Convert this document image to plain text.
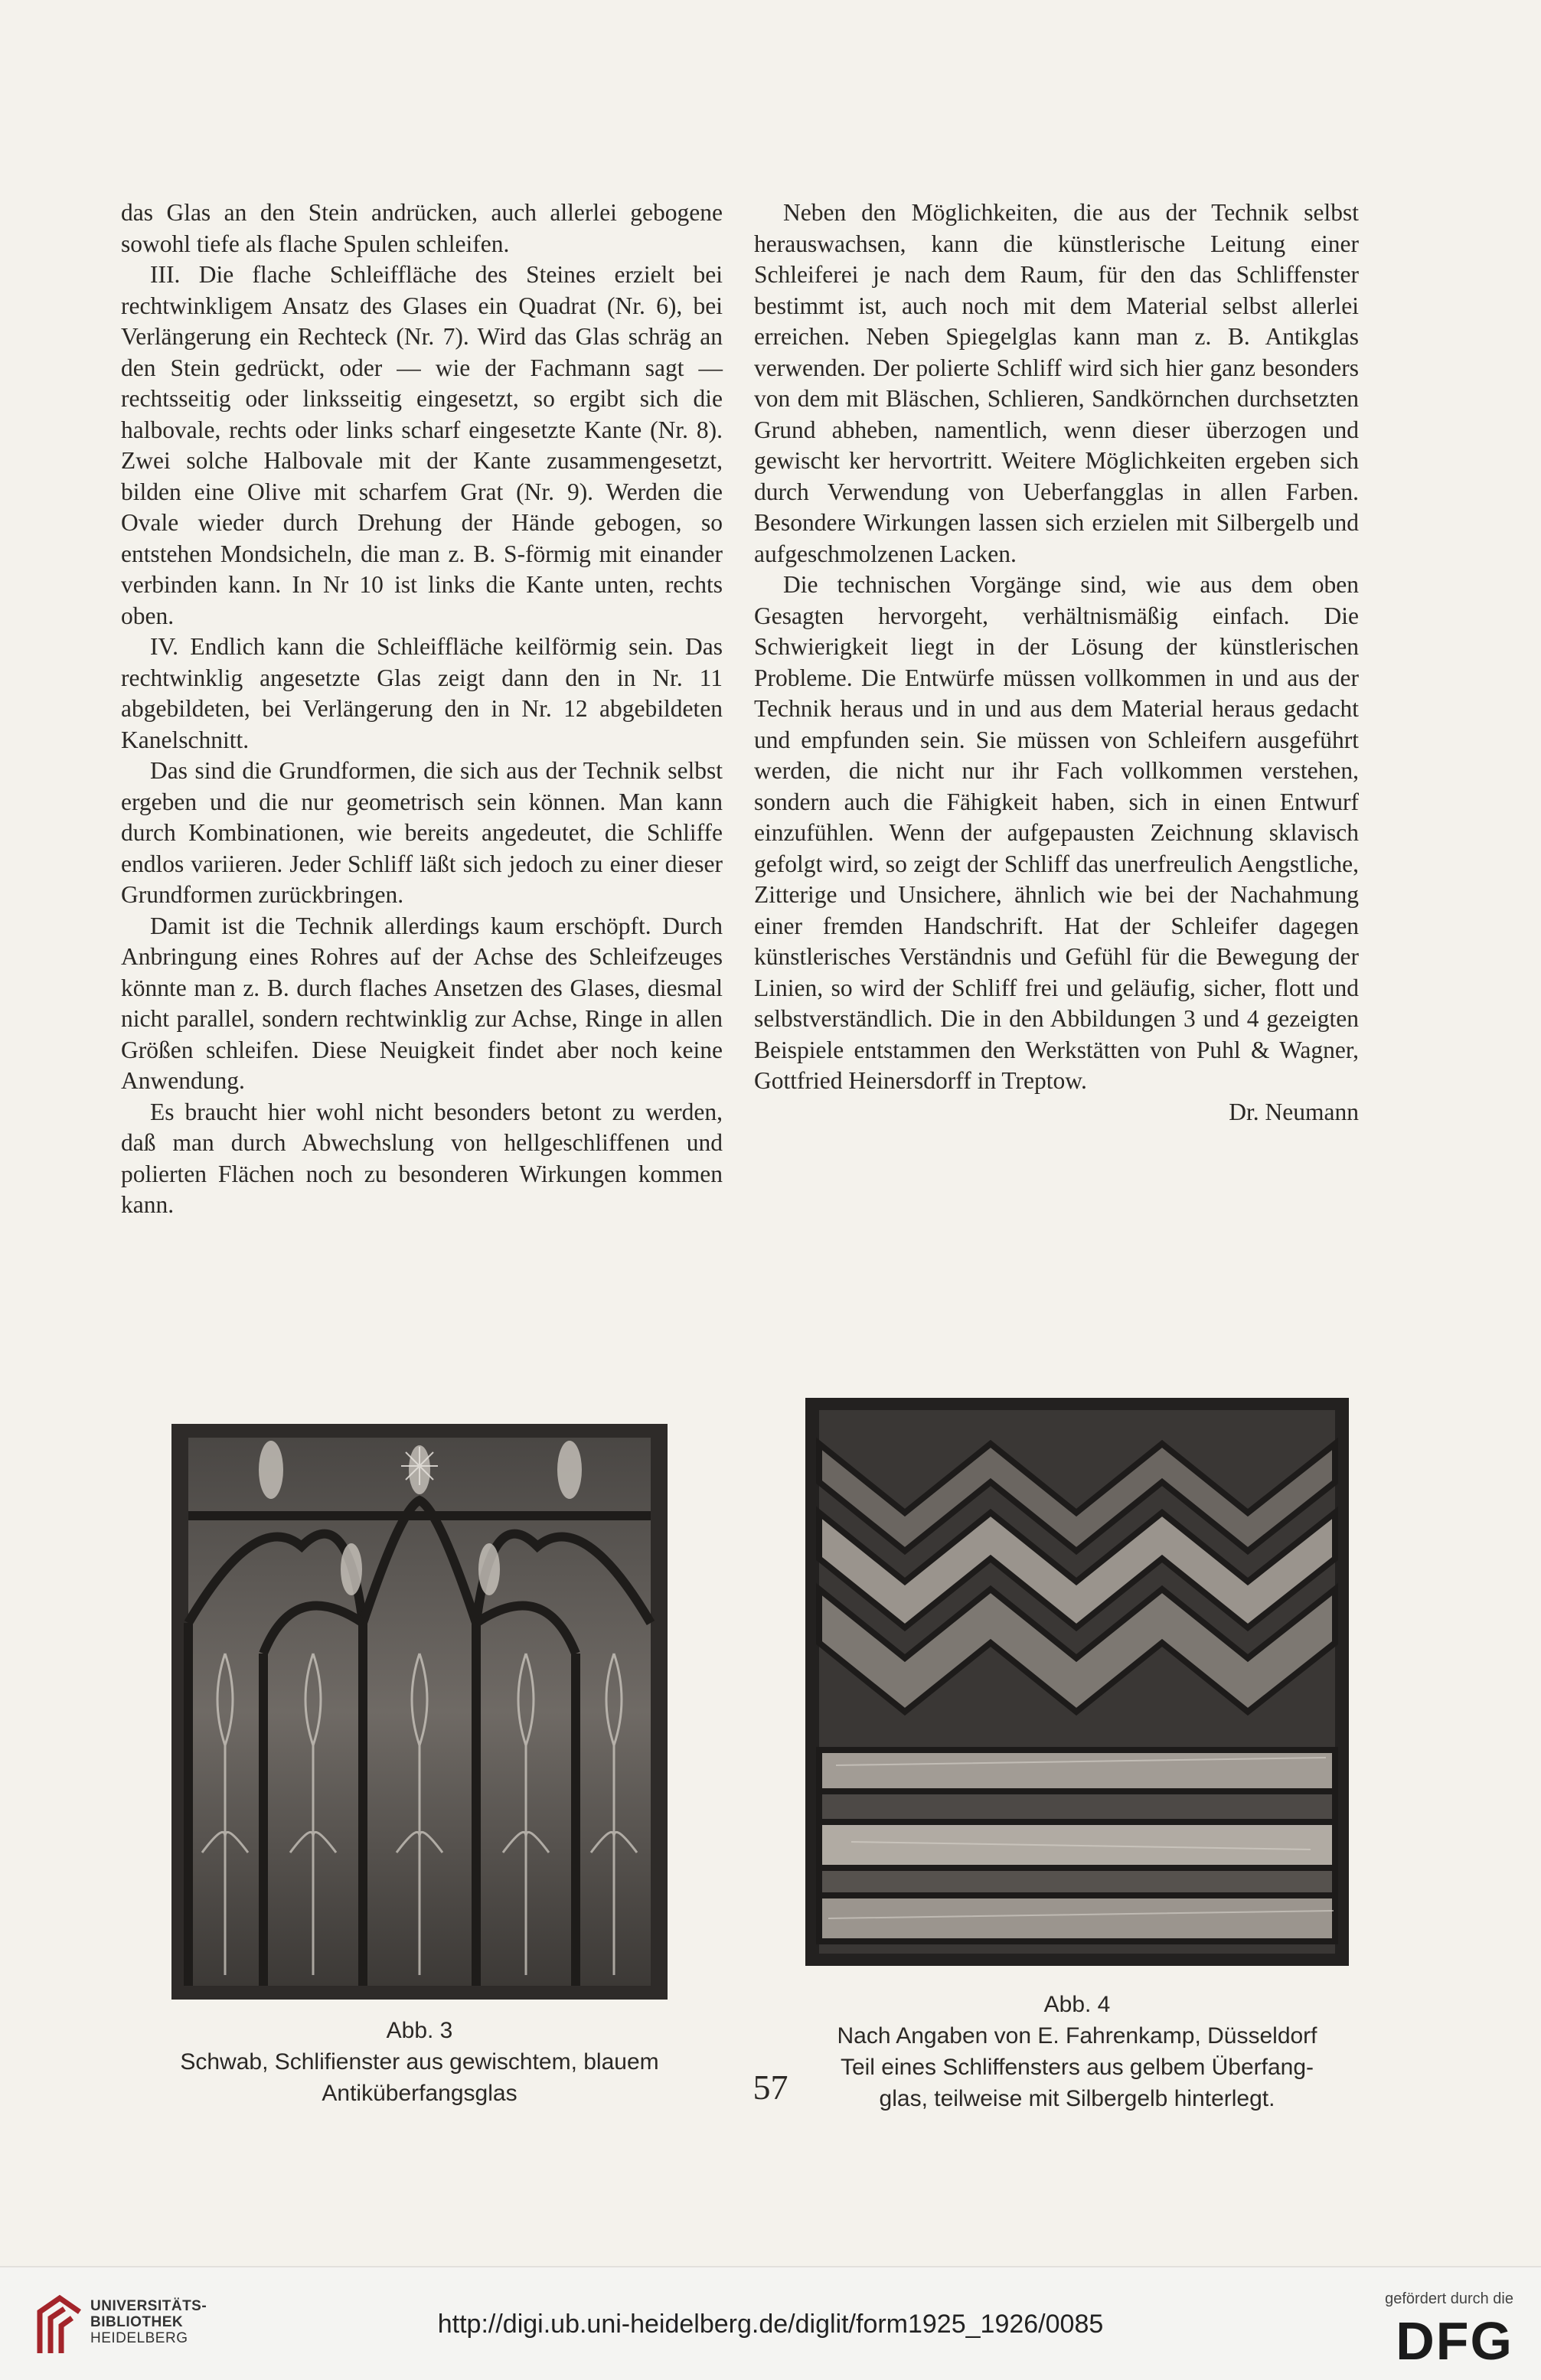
das Glas an den Stein andrücken, auch allerlei gebogene sowohl tiefe als flache Spulen schleifen.

III. Die flache Schleiffläche des Steines erzielt bei rechtwinkligem Ansatz des Glases ein Quadrat (Nr. 6), bei Verlängerung ein Rechteck (Nr. 7). Wird das Glas schräg an den Stein gedrückt, oder — wie der Fachmann sagt — rechtsseitig oder linksseitig eingesetzt, so ergibt sich die halbovale, rechts oder links scharf eingesetzte Kante (Nr. 8). Zwei solche Halbovale mit der Kante zusammengesetzt, bilden eine Olive mit scharfem Grat (Nr. 9). Werden die Ovale wieder durch Drehung der Hände gebogen, so entstehen Mondsicheln, die man z. B. S-förmig mit einander verbinden kann. In Nr 10 ist links die Kante unten, rechts oben.

IV. Endlich kann die Schleiffläche keilförmig sein. Das rechtwinklig angesetzte Glas zeigt dann den in Nr. 11 abgebildeten, bei Verlängerung den in Nr. 12 abgebildeten Kanelschnitt.

Das sind die Grundformen, die sich aus der Technik selbst ergeben und die nur geometrisch sein können. Man kann durch Kombinationen, wie bereits angedeutet, die Schliffe endlos variieren. Jeder Schliff läßt sich jedoch zu einer dieser Grundformen zurückbringen.

Damit ist die Technik allerdings kaum erschöpft. Durch Anbringung eines Rohres auf der Achse des Schleifzeuges könnte man z. B. durch flaches Ansetzen des Glases, diesmal nicht parallel, sondern rechtwinklig zur Achse, Ringe in allen Größen schleifen. Diese Neuigkeit findet aber noch keine Anwendung.

Es braucht hier wohl nicht besonders betont zu werden, daß man durch Abwechslung von hellgeschliffenen und polierten Flächen noch zu besonderen Wirkungen kommen kann.

Neben den Möglichkeiten, die aus der Technik selbst herauswachsen, kann die künstlerische Leitung einer Schleiferei je nach dem Raum, für den das Schliffenster bestimmt ist, auch noch mit dem Material selbst allerlei erreichen. Neben Spiegelglas kann man z. B. Antikglas verwenden. Der polierte Schliff wird sich hier ganz besonders von dem mit Bläschen, Schlieren, Sandkörnchen durchsetzten Grund abheben, namentlich, wenn dieser überzogen und gewischt ker hervortritt. Weitere Möglichkeiten ergeben sich durch Verwendung von Ueberfangglas in allen Farben. Besondere Wirkungen lassen sich erzielen mit Silbergelb und aufgeschmolzenen Lacken.

Die technischen Vorgänge sind, wie aus dem oben Gesagten hervorgeht, verhältnismäßig einfach. Die Schwierigkeit liegt in der Lösung der künstlerischen Probleme. Die Entwürfe müssen vollkommen in und aus der Technik heraus und in und aus dem Material heraus gedacht und empfunden sein. Sie müssen von Schleifern ausgeführt werden, die nicht nur ihr Fach vollkommen verstehen, sondern auch die Fähigkeit haben, sich in einen Entwurf einzufühlen. Wenn der aufgepausten Zeichnung sklavisch gefolgt wird, so zeigt der Schliff das unerfreulich Aengstliche, Zitterige und Unsichere, ähnlich wie bei der Nachahmung einer fremden Handschrift. Hat der Schleifer dagegen künstlerisches Verständnis und Gefühl für die Bewegung der Linien, so wird der Schliff frei und geläufig, sicher, flott und selbstverständlich. Die in den Abbildungen 3 und 4 gezeigten Beispiele entstammen den Werkstätten von Puhl & Wagner, Gottfried Heinersdorff in Treptow.

Dr. Neumann

Abb. 3
Schwab, Schlifienster aus gewischtem, blauem
Antiküberfangsglas
Abb. 4
Nach Angaben von E. Fahrenkamp, Düsseldorf
Teil eines Schliffensters aus gelbem Überfang-
glas, teilweise mit Silbergelb hinterlegt.
57
UNIVERSITÄTS-
BIBLIOTHEK
HEIDELBERG	http://digi.ub.uni-heidelberg.de/diglit/form1925_1926/0085
gefördert durch die
DFG
